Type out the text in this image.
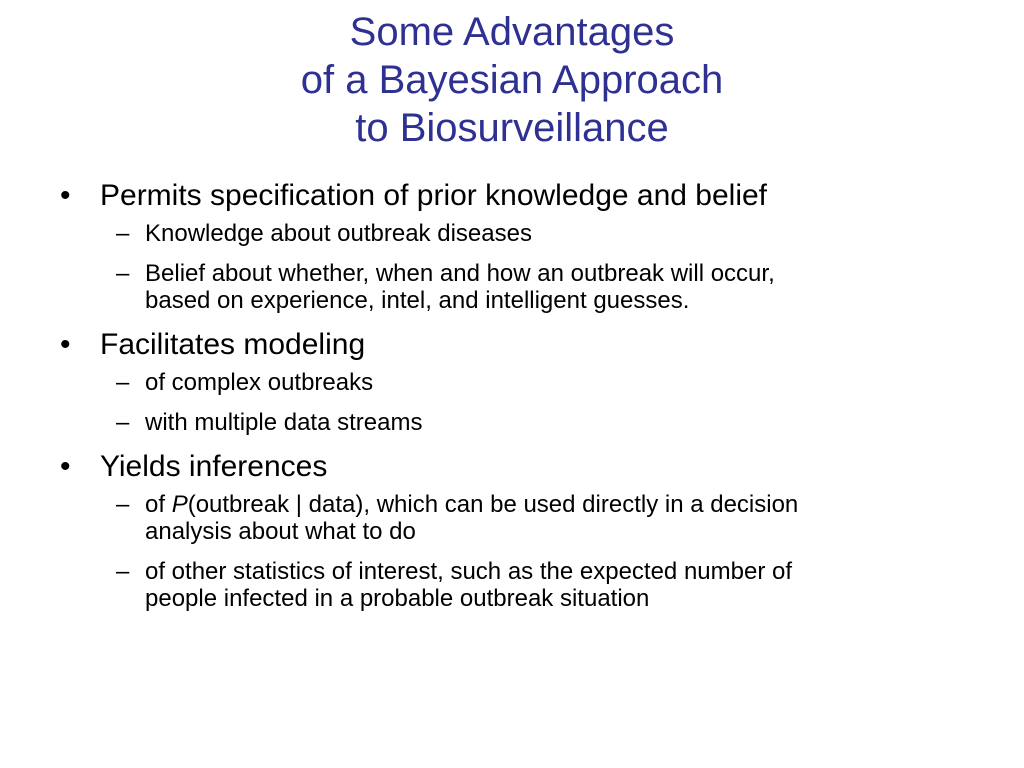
Some Advantages
of a Bayesian Approach
to Biosurveillance
• Permits specification of prior knowledge and belief
– Knowledge about outbreak diseases
– Belief about whether, when and how an outbreak will occur,
based on experience, intel, and intelligent guesses.
• Facilitates modeling
– of complex outbreaks
– with multiple data streams
• Yields inferences
– of P(outbreak | data), which can be used directly in a decision
analysis about what to do
– of other statistics of interest, such as the expected number of
people infected in a probable outbreak situation
